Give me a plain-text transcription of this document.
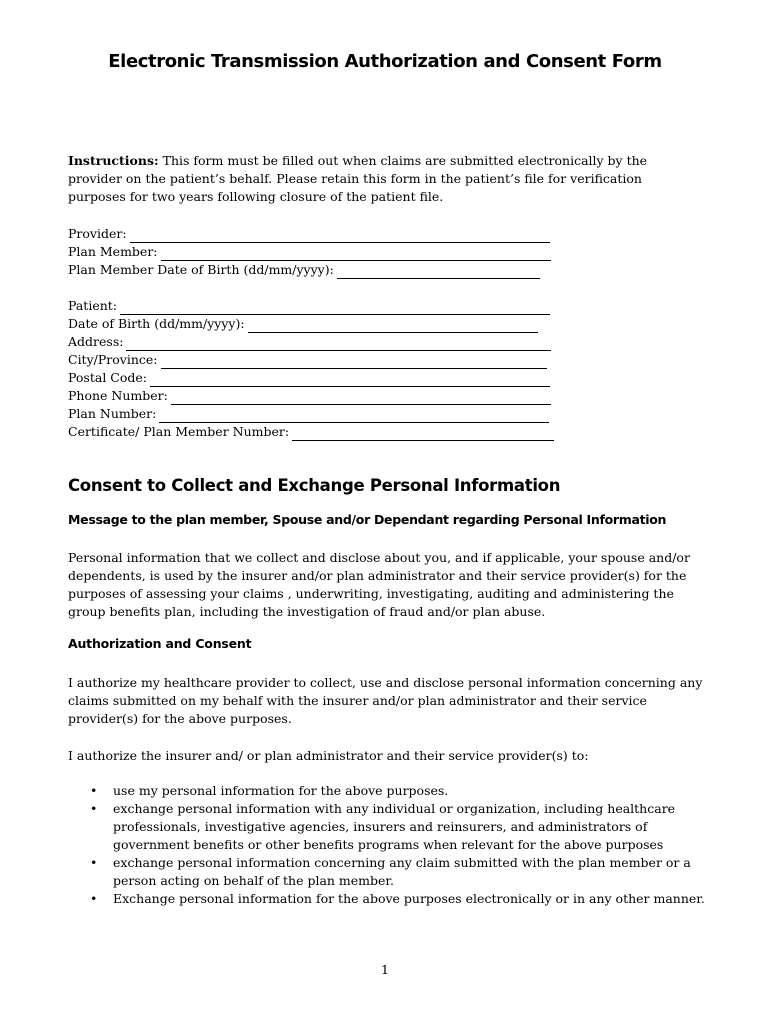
Electronic Transmission Authorization and Consent Form
Instructions: This form must be filled out when claims are submitted electronically by the provider on the patient’s behalf. Please retain this form in the patient’s file for verification purposes for two years following closure of the patient file.
Provider:
Plan Member:
Plan Member Date of Birth (dd/mm/yyyy):
Patient:
Date of Birth (dd/mm/yyyy):
Address:
City/Province:
Postal Code:
Phone Number:
Plan Number:
Certificate/ Plan Member Number:
Consent to Collect and Exchange Personal Information
Message to the plan member, Spouse and/or Dependant regarding Personal Information
Personal information that we collect and disclose about you, and if applicable, your spouse and/or dependents, is used by the insurer and/or plan administrator and their service provider(s) for the purposes of assessing your claims , underwriting, investigating, auditing and administering the group benefits plan, including the investigation of fraud and/or plan abuse.
Authorization and Consent
I authorize my healthcare provider to collect, use and disclose personal information concerning any claims submitted on my behalf with the insurer and/or plan administrator and their service provider(s) for the above purposes.
I authorize the insurer and/ or plan administrator and their service provider(s) to:
• use my personal information for the above purposes.
• exchange personal information with any individual or organization, including healthcare professionals, investigative agencies, insurers and reinsurers, and administrators of government benefits or other benefits programs when relevant for the above purposes
• exchange personal information concerning any claim submitted with the plan member or a person acting on behalf of the plan member.
• Exchange personal information for the above purposes electronically or in any other manner.
1
